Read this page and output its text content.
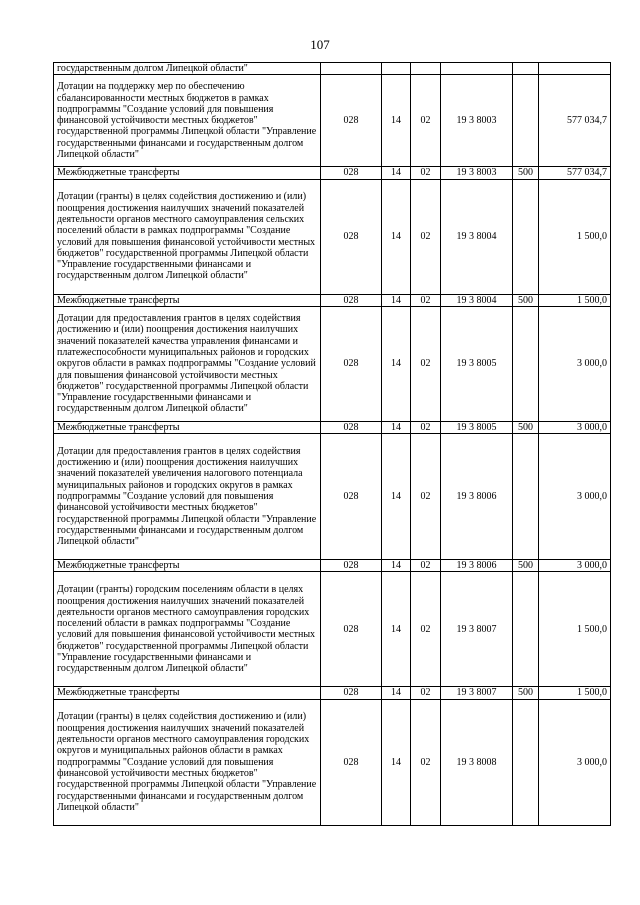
107
государственным долгом Липецкой области"						
Дотации на поддержку мер по обеспечению сбалансированности местных бюджетов в рамках подпрограммы "Создание условий для повышения финансовой устойчивости местных бюджетов" государственной программы Липецкой области "Управление государственными финансами и государственным долгом Липецкой области"	028	14	02	19 3 8003		577 034,7
Межбюджетные трансферты	028	14	02	19 3 8003	500	577 034,7
Дотации (гранты) в целях содействия достижению и (или) поощрения достижения наилучших значений показателей деятельности органов местного самоуправления сельских поселений области в рамках подпрограммы "Создание условий для повышения финансовой устойчивости местных бюджетов" государственной программы Липецкой области "Управление государственными финансами и государственным долгом Липецкой области"	028	14	02	19 3 8004		1 500,0
Межбюджетные трансферты	028	14	02	19 3 8004	500	1 500,0
Дотации для предоставления грантов в целях содействия достижению и (или) поощрения достижения наилучших значений показателей качества управления финансами и платежеспособности муниципальных районов и городских округов области в рамках подпрограммы "Создание условий для повышения финансовой устойчивости местных бюджетов" государственной программы Липецкой области "Управление государственными финансами и государственным долгом Липецкой области"	028	14	02	19 3 8005		3 000,0
Межбюджетные трансферты	028	14	02	19 3 8005	500	3 000,0
Дотации для предоставления грантов в целях содействия достижению и (или) поощрения достижения наилучших значений показателей увеличения налогового потенциала муниципальных районов и городских округов в рамках подпрограммы "Создание условий для повышения финансовой устойчивости местных бюджетов" государственной программы Липецкой области "Управление государственными финансами и государственным долгом Липецкой области"	028	14	02	19 3 8006		3 000,0
Межбюджетные трансферты	028	14	02	19 3 8006	500	3 000,0
Дотации (гранты) городским поселениям области в целях поощрения достижения наилучших значений показателей деятельности органов местного самоуправления городских поселений области в рамках подпрограммы "Создание условий для повышения финансовой устойчивости местных бюджетов" государственной программы Липецкой области "Управление государственными финансами и государственным долгом Липецкой области"	028	14	02	19 3 8007		1 500,0
Межбюджетные трансферты	028	14	02	19 3 8007	500	1 500,0
Дотации (гранты) в целях содействия достижению и (или) поощрения достижения наилучших значений показателей деятельности органов местного самоуправления городских округов и муниципальных районов области в рамках подпрограммы "Создание условий для повышения финансовой устойчивости местных бюджетов" государственной программы Липецкой области "Управление государственными финансами и государственным долгом Липецкой области"	028	14	02	19 3 8008		3 000,0
